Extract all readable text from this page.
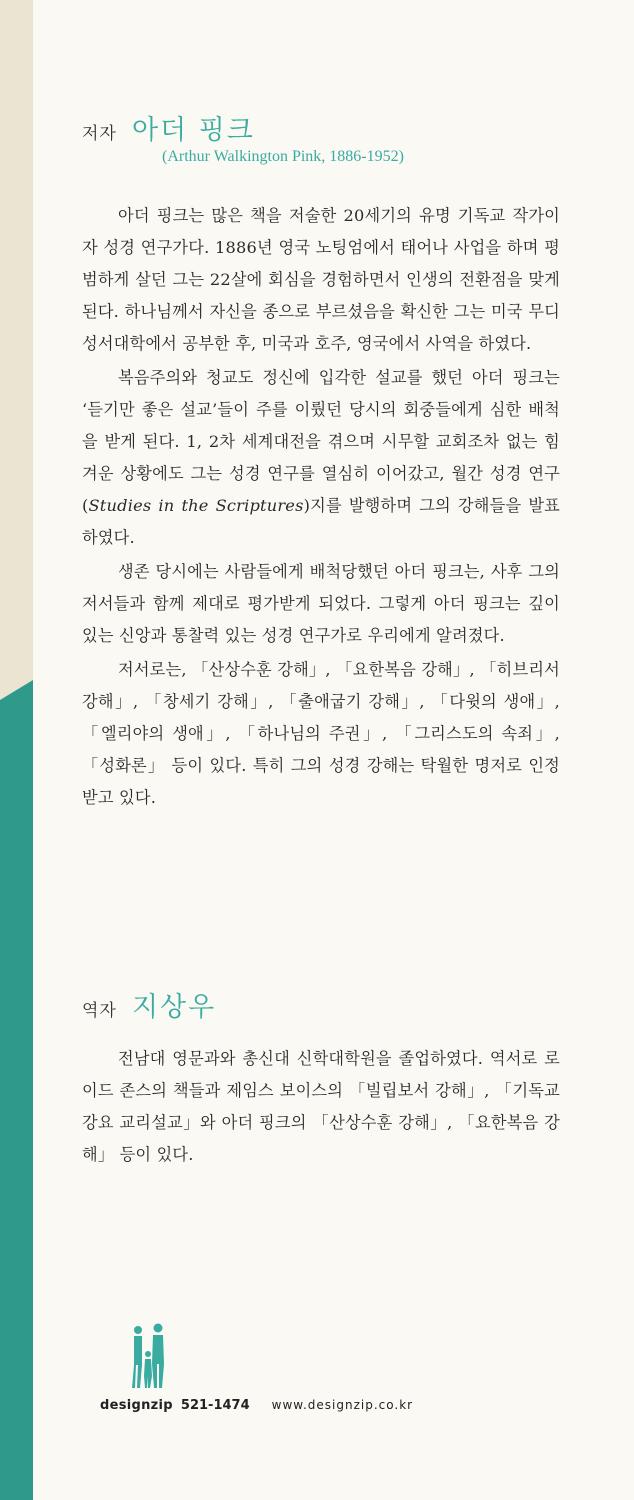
저자 아더 핑크
(Arthur Walkington Pink, 1886-1952)

아더 핑크는 많은 책을 저술한 20세기의 유명 기독교 작가이자 성경 연구가다. 1886년 영국 노팅엄에서 태어나 사업을 하며 평범하게 살던 그는 22살에 회심을 경험하면서 인생의 전환점을 맞게 된다. 하나님께서 자신을 종으로 부르셨음을 확신한 그는 미국 무디성서대학에서 공부한 후, 미국과 호주, 영국에서 사역을 하였다.

복음주의와 청교도 정신에 입각한 설교를 했던 아더 핑크는 ‘듣기만 좋은 설교’들이 주를 이뤘던 당시의 회중들에게 심한 배척을 받게 된다. 1, 2차 세계대전을 겪으며 시무할 교회조차 없는 힘겨운 상황에도 그는 성경 연구를 열심히 이어갔고, 월간 성경 연구(Studies in the Scriptures)지를 발행하며 그의 강해들을 발표하였다.

생존 당시에는 사람들에게 배척당했던 아더 핑크는, 사후 그의 저서들과 함께 제대로 평가받게 되었다. 그렇게 아더 핑크는 깊이 있는 신앙과 통찰력 있는 성경 연구가로 우리에게 알려졌다.

저서로는, 「산상수훈 강해」, 「요한복음 강해」, 「히브리서 강해」, 「창세기 강해」, 「출애굽기 강해」, 「다윗의 생애」, 「엘리야의 생애」, 「하나님의 주권」, 「그리스도의 속죄」, 「성화론」 등이 있다. 특히 그의 성경 강해는 탁월한 명저로 인정받고 있다.

역자 지상우

전남대 영문과와 총신대 신학대학원을 졸업하였다. 역서로 로이드 존스의 책들과 제임스 보이스의 「빌립보서 강해」, 「기독교 강요 교리설교」와 아더 핑크의 「산상수훈 강해」, 「요한복음 강해」 등이 있다.

designzip 521-1474 www.designzip.co.kr
